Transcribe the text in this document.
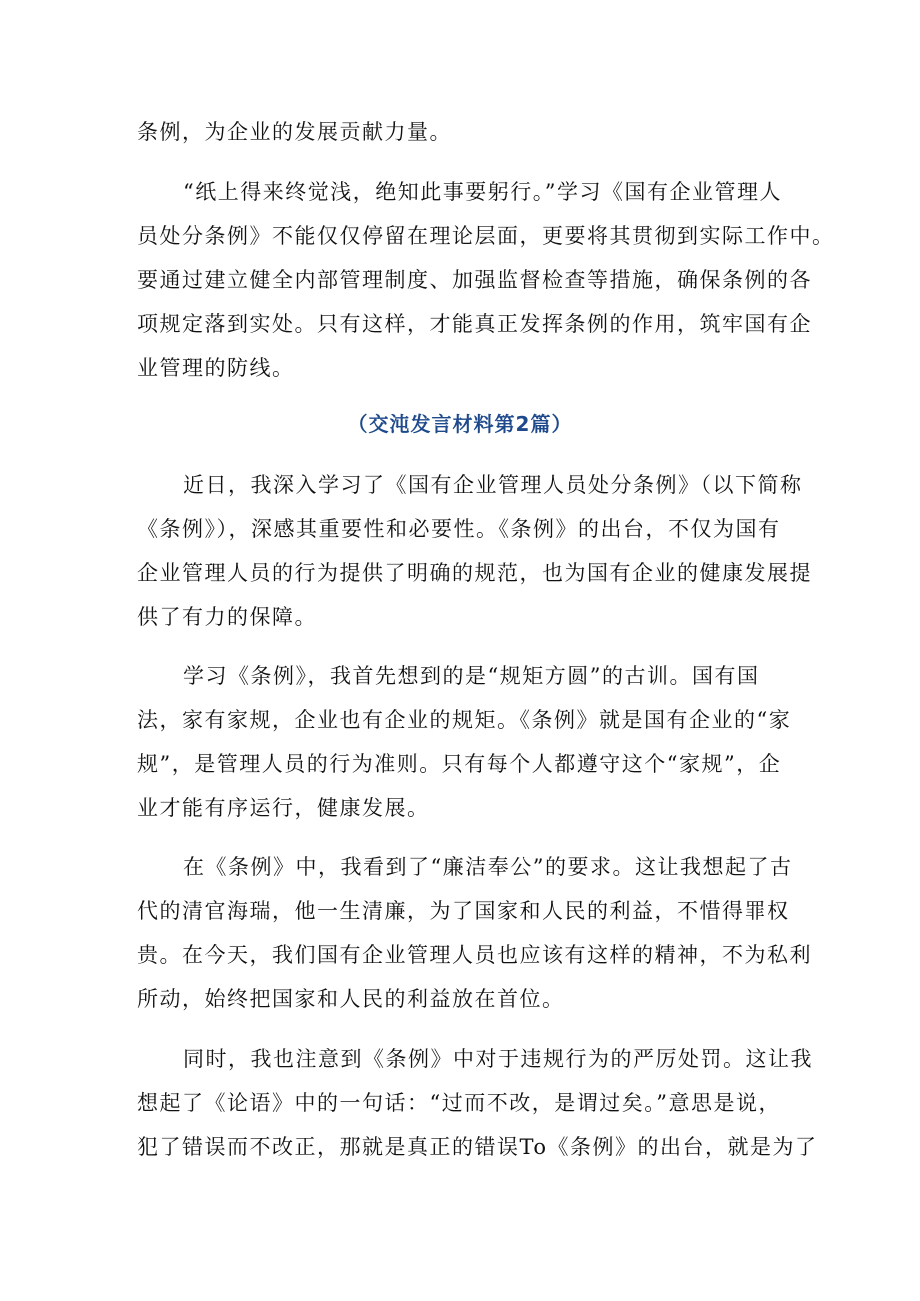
条例，为企业的发展贡献力量。

“纸上得来终觉浅，绝知此事要躬行。”学习《国有企业管理人

员处分条例》不能仅仅停留在理论层面，更要将其贯彻到实际工作中。

要通过建立健全内部管理制度、加强监督检查等措施，确保条例的各

项规定落到实处。只有这样，才能真正发挥条例的作用，筑牢国有企

业管理的防线。

（交沌发言材料第2篇）

近日，我深入学习了《国有企业管理人员处分条例》（以下简称

《条例》），深感其重要性和必要性。《条例》的出台，不仅为国有

企业管理人员的行为提供了明确的规范，也为国有企业的健康发展提

供了有力的保障。

学习《条例》，我首先想到的是“规矩方圆”的古训。国有国

法，家有家规，企业也有企业的规矩。《条例》就是国有企业的“家

规”，是管理人员的行为准则。只有每个人都遵守这个“家规”，企

业才能有序运行，健康发展。

在《条例》中，我看到了“廉洁奉公”的要求。这让我想起了古

代的清官海瑞，他一生清廉，为了国家和人民的利益，不惜得罪权

贵。在今天，我们国有企业管理人员也应该有这样的精神，不为私利

所动，始终把国家和人民的利益放在首位。

同时，我也注意到《条例》中对于违规行为的严厉处罚。这让我

想起了《论语》中的一句话：“过而不改，是谓过矣。”意思是说，

犯了错误而不改正，那就是真正的错误To《条例》的出台，就是为了
